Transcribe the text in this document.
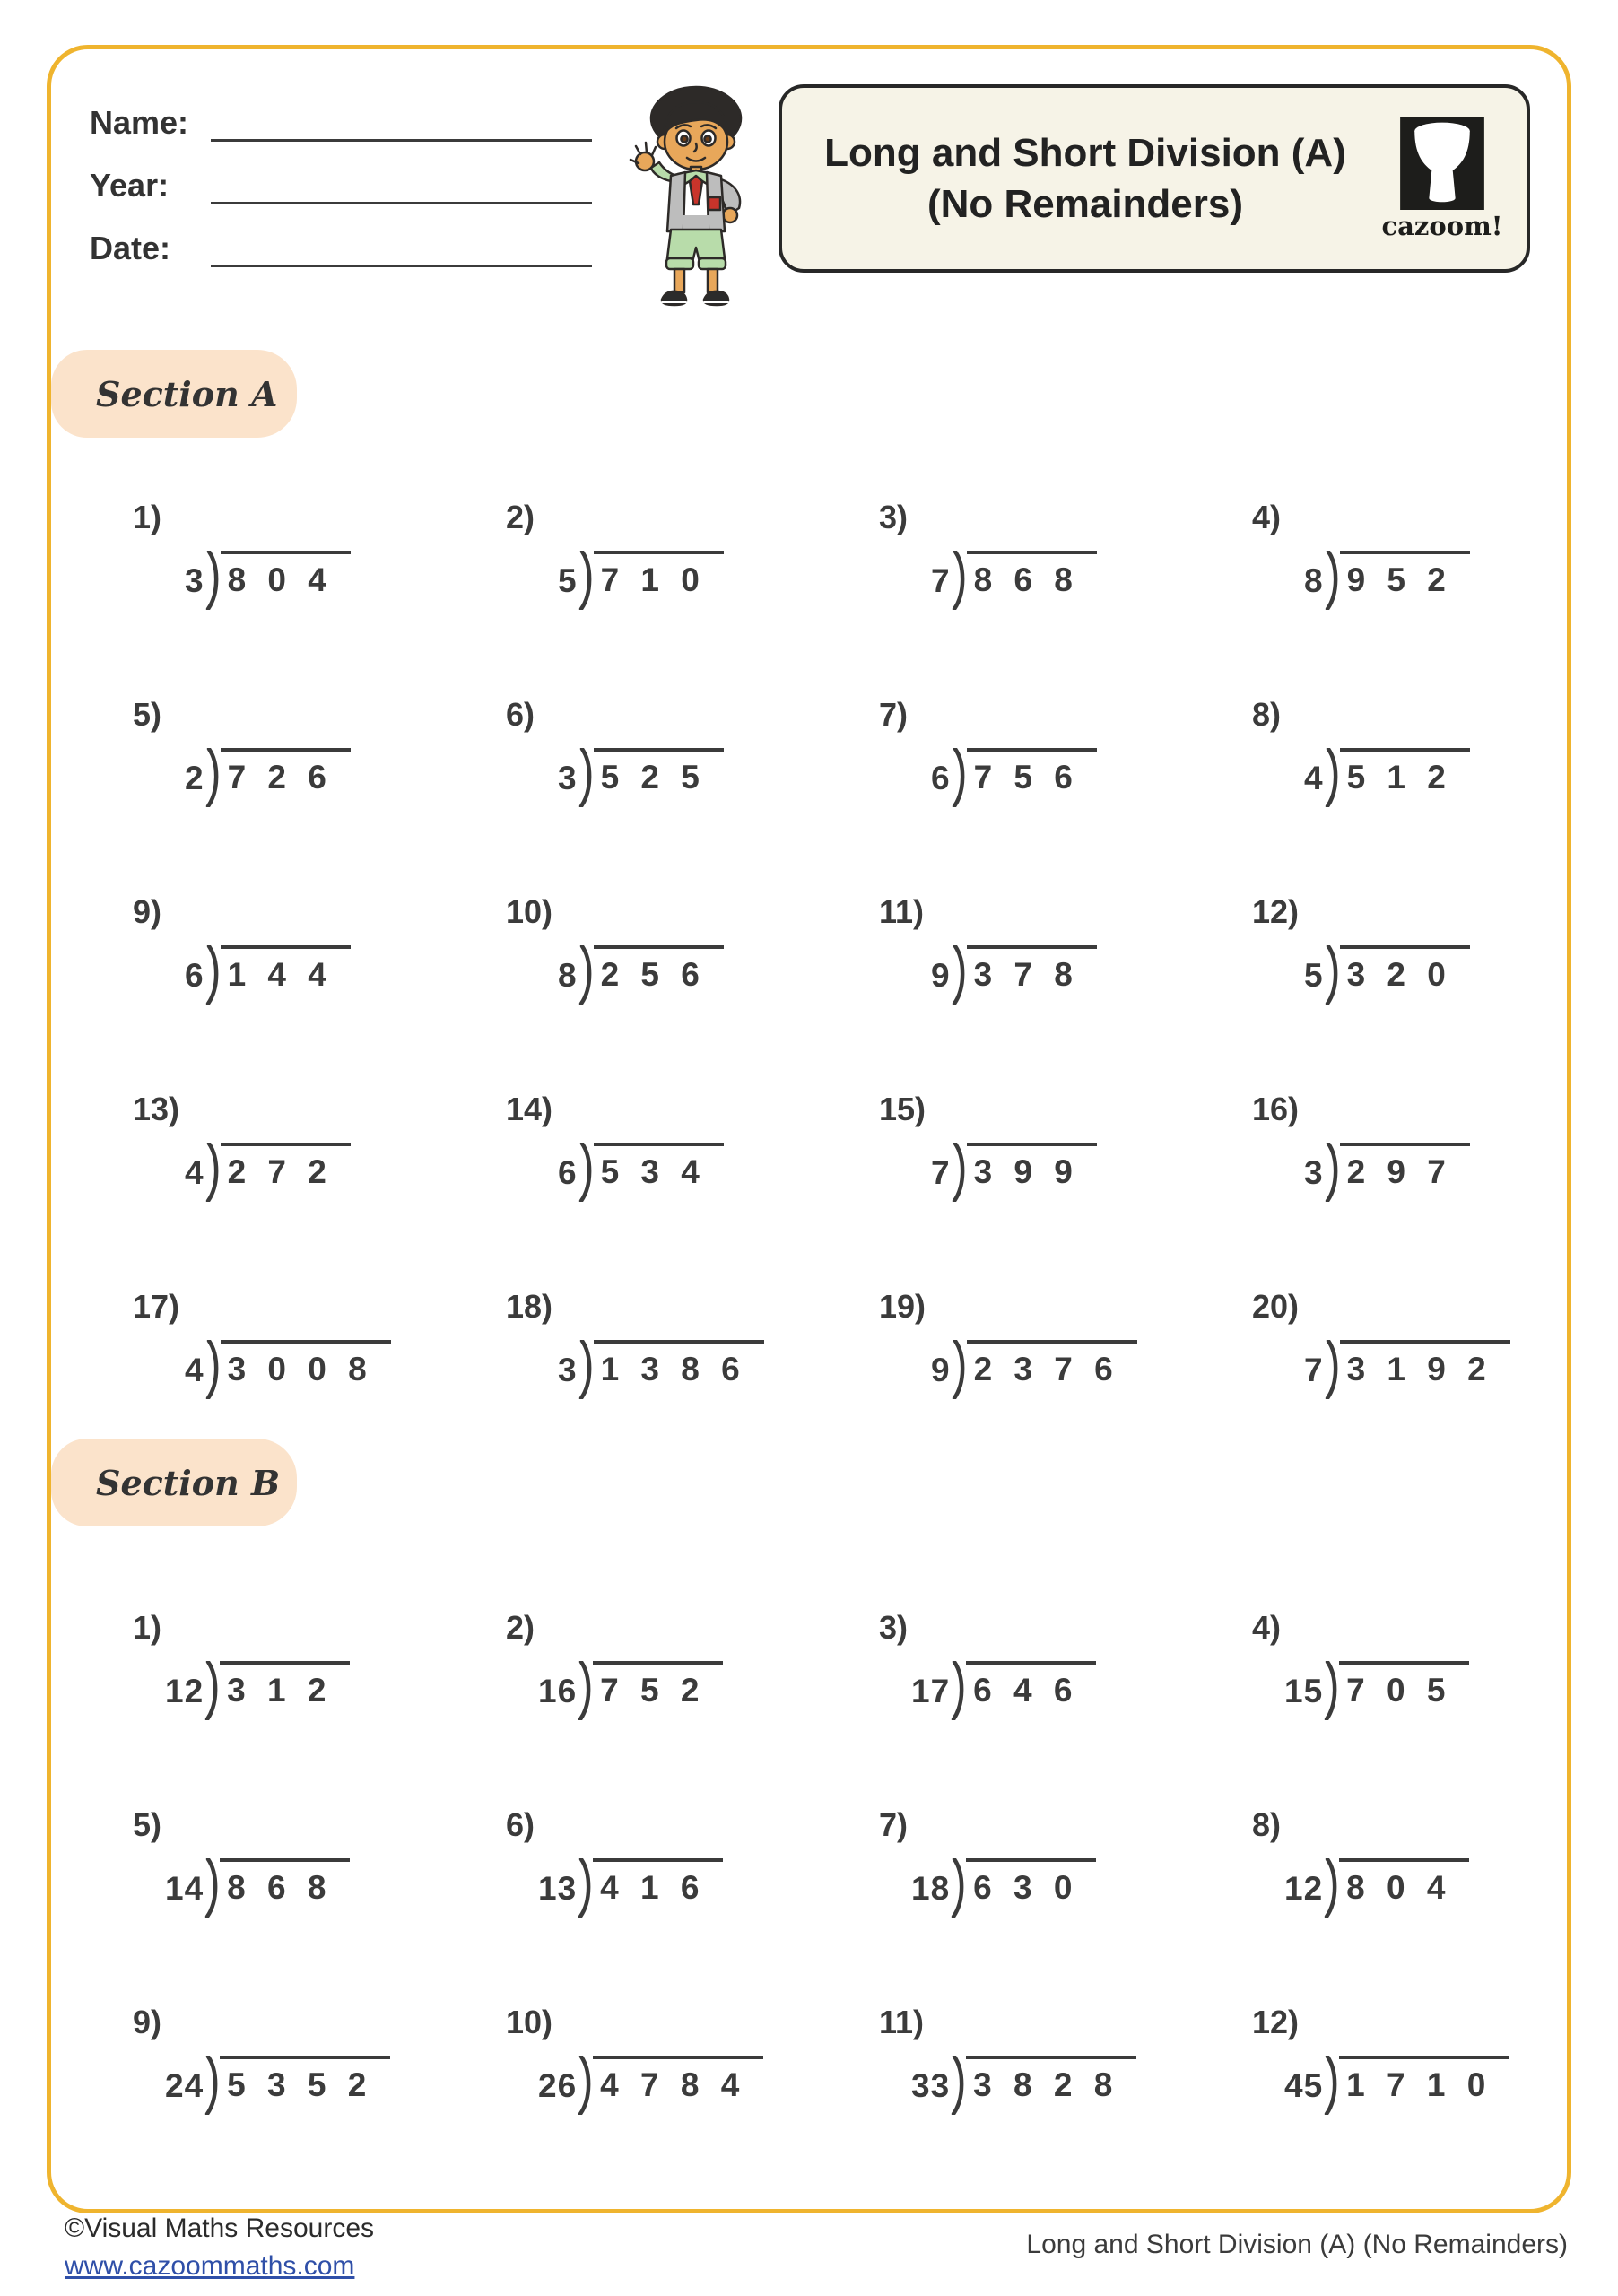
Name:
Year:
Date:
Long and Short Division (A)
(No Remainders)	cazoom!
Section A
1)
3 8 0 4
2)
5 7 1 0
3)
7 8 6 8
4)
8 9 5 2
5)
2 7 2 6
6)
3 5 2 5
7)
6 7 5 6
8)
4 5 1 2
9)
6 1 4 4
10)
8 2 5 6
11)
9 3 7 8
12)
5 3 2 0
13)
4 2 7 2
14)
6 5 3 4
15)
7 3 9 9
16)
3 2 9 7
17)
4 3 0 0 8
18)
3 1 3 8 6
19)
9 2 3 7 6
20)
7 3 1 9 2
Section B
1)
12 3 1 2
2)
16 7 5 2
3)
17 6 4 6
4)
15 7 0 5
5)
14 8 6 8
6)
13 4 1 6
7)
18 6 3 0
8)
12 8 0 4
9)
24 5 3 5 2
10)
26 4 7 8 4
11)
33 3 8 2 8
12)
45 1 7 1 0
©Visual Maths Resources
www.cazoommaths.com
Long and Short Division (A) (No Remainders)
